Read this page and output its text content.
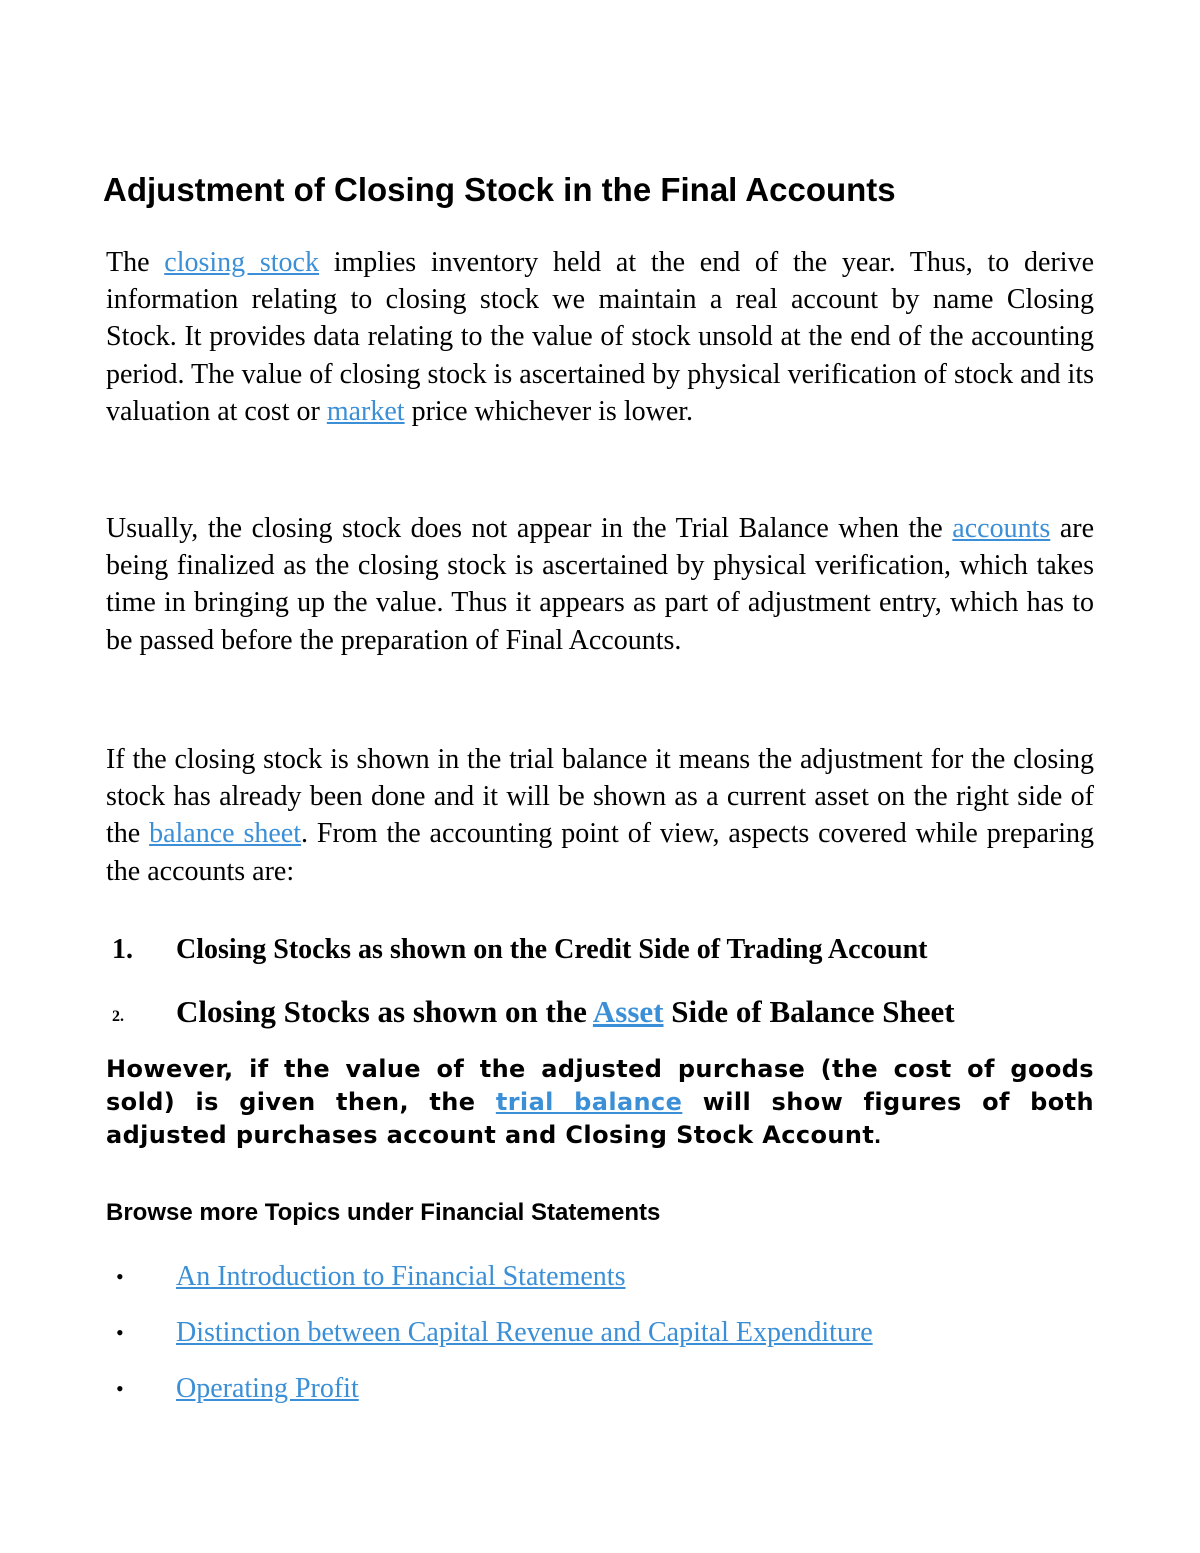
Adjustment of Closing Stock in the Final Accounts

The closing stock implies inventory held at the end of the year. Thus, to derive information relating to closing stock we maintain a real account by name Closing Stock. It provides data relating to the value of stock unsold at the end of the accounting period. The value of closing stock is ascertained by physical verification of stock and its valuation at cost or market price whichever is lower.

Usually, the closing stock does not appear in the Trial Balance when the accounts are being finalized as the closing stock is ascertained by physical verification, which takes time in bringing up the value. Thus it appears as part of adjustment entry, which has to be passed before the preparation of Final Accounts.

If the closing stock is shown in the trial balance it means the adjustment for the closing stock has already been done and it will be shown as a current asset on the right side of the balance sheet. From the accounting point of view, aspects covered while preparing the accounts are:

1. Closing Stocks as shown on the Credit Side of Trading Account
2. Closing Stocks as shown on the Asset Side of Balance Sheet

However, if the value of the adjusted purchase (the cost of goods sold) is given then, the trial balance will show figures of both adjusted purchases account and Closing Stock Account.

Browse more Topics under Financial Statements
• An Introduction to Financial Statements
• Distinction between Capital Revenue and Capital Expenditure
• Operating Profit
